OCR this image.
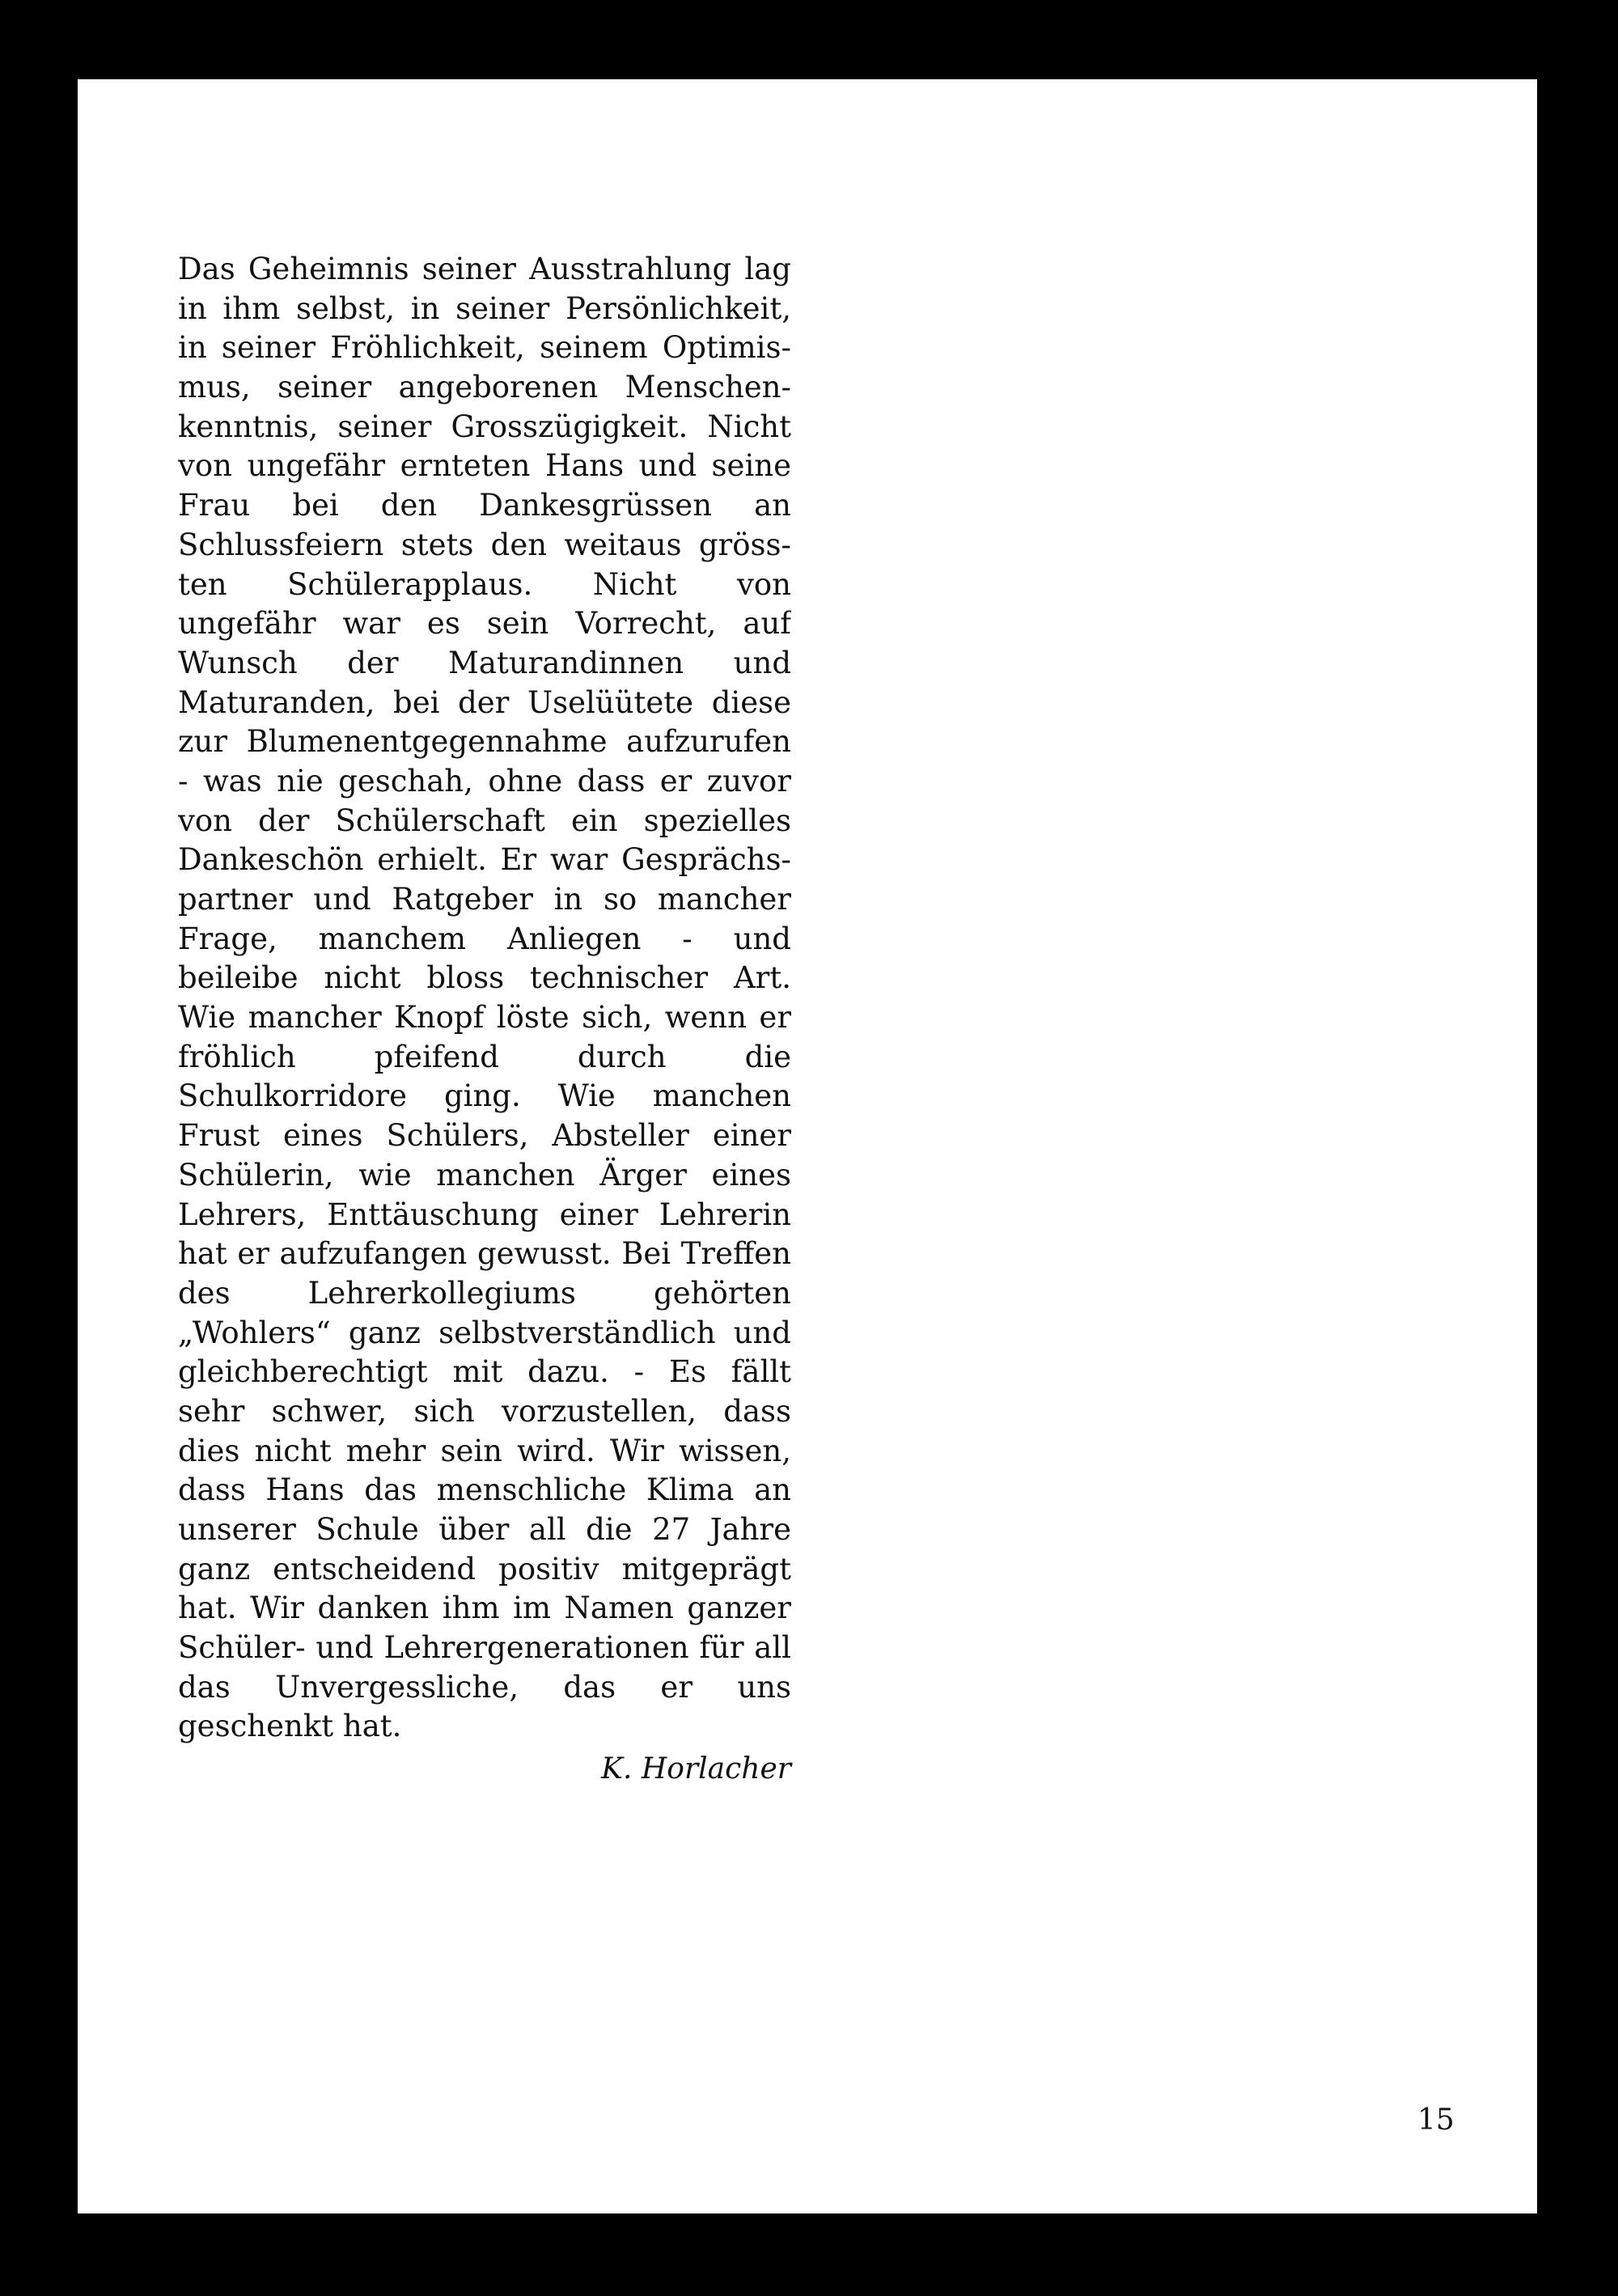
Das Geheimnis seiner Ausstrahlung lag
in ihm selbst, in seiner Persönlichkeit,
in seiner Fröhlichkeit, seinem Optimis-
mus, seiner angeborenen Menschen-
kenntnis, seiner Grosszügigkeit. Nicht
von ungefähr ernteten Hans und seine
Frau bei den Dankesgrüssen an
Schlussfeiern stets den weitaus gröss-
ten Schülerapplaus. Nicht von
ungefähr war es sein Vorrecht, auf
Wunsch der Maturandinnen und
Maturanden, bei der Uselüütete diese
zur Blumenentgegennahme aufzurufen
- was nie geschah, ohne dass er zuvor
von der Schülerschaft ein spezielles
Dankeschön erhielt. Er war Gesprächs-
partner und Ratgeber in so mancher
Frage, manchem Anliegen - und
beileibe nicht bloss technischer Art.
Wie mancher Knopf löste sich, wenn er
fröhlich pfeifend durch die
Schulkorridore ging. Wie manchen
Frust eines Schülers, Absteller einer
Schülerin, wie manchen Ärger eines
Lehrers, Enttäuschung einer Lehrerin
hat er aufzufangen gewusst. Bei Treffen
des Lehrerkollegiums gehörten
„Wohlers“ ganz selbstverständlich und
gleichberechtigt mit dazu. - Es fällt
sehr schwer, sich vorzustellen, dass
dies nicht mehr sein wird. Wir wissen,
dass Hans das menschliche Klima an
unserer Schule über all die 27 Jahre
ganz entscheidend positiv mitgeprägt
hat. Wir danken ihm im Namen ganzer
Schüler- und Lehrergenerationen für all
das Unvergessliche, das er uns
geschenkt hat.
K. Horlacher
15
